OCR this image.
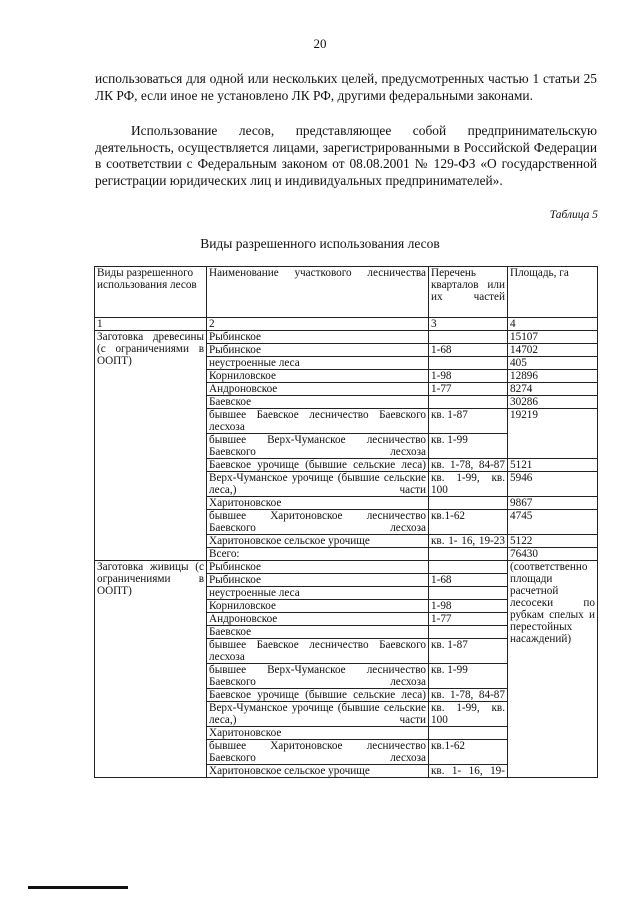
20
использоваться для одной или нескольких целей, предусмотренных частью 1 статьи 25 ЛК РФ, если иное не установлено ЛК РФ, другими федеральными законами.
Использование лесов, представляющее собой предпринимательскую деятельность, осуществляется лицами, зарегистрированными в Российской Федерации в соответствии с Федеральным законом от 08.08.2001 № 129-ФЗ «О государственной регистрации юридических лиц и индивидуальных предпринимателей».
Таблица 5
Виды разрешенного использования лесов
Виды разрешенного использования лесов	Наименование участкового лесничества	Перечень кварталов или их частей	Площадь, га
1	2	3	4
Заготовка древесины (с ограничениями в ООПТ)	Рыбинское		15107
	Рыбинское	1-68	14702
	неустроенные леса		405
	Корниловское	1-98	12896
	Андроновское	1-77	8274
	Баевское		30286
	бывшее Баевское лесничество Баевского лесхоза	кв. 1-87	19219
	бывшее Верх-Чуманское лесничество Баевского лесхоза	кв. 1-99	
	Баевское урочище (бывшие сельские леса)	кв. 1-78, 84-87	5121
	Верх-Чуманское урочище (бывшие сельские леса,) части	кв. 1-99, кв. 100	5946
	Харитоновское		9867
	бывшее Харитоновское лесничество Баевского лесхоза	кв.1-62	4745
	Харитоновское сельское урочище	кв. 1- 16, 19-23	5122
	Всего:		76430
Заготовка живицы (с ограничениями в ООПТ)	Рыбинское		(соответственно площади расчетной лесосеки по рубкам спелых и перестойных насаждений)
	Рыбинское	1-68	
	неустроенные леса		
	Корниловское	1-98	
	Андроновское	1-77	
	Баевское		
	бывшее Баевское лесничество Баевского лесхоза	кв. 1-87	
	бывшее Верх-Чуманское лесничество Баевского лесхоза	кв. 1-99	
	Баевское урочище (бывшие сельские леса)	кв. 1-78, 84-87	
	Верх-Чуманское урочище (бывшие сельские леса,) части	кв. 1-99, кв. 100	
	Харитоновское		
	бывшее Харитоновское лесничество Баевского лесхоза	кв.1-62	
	Харитоновское сельское урочище	кв. 1- 16, 19-	
